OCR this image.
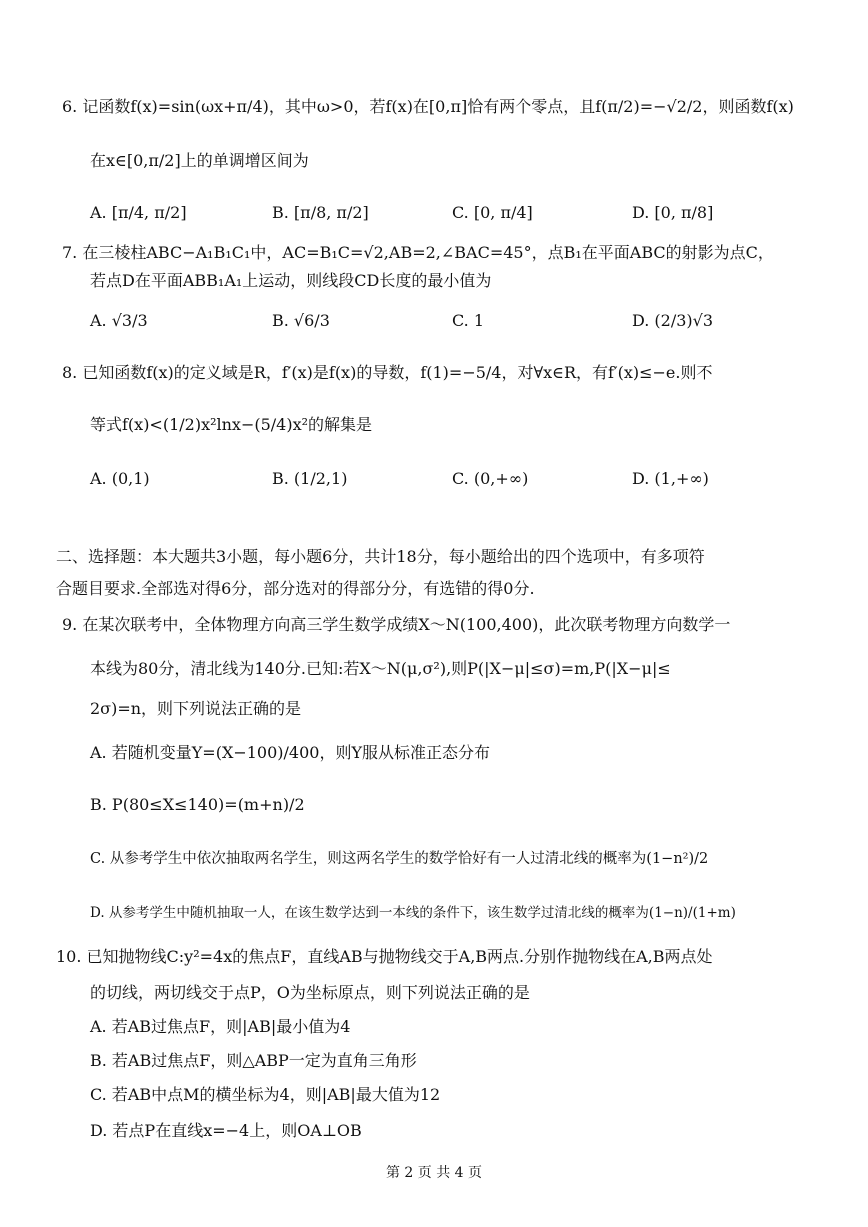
6. 记函数f(x)=sin(ωx+π/4)，其中ω>0，若f(x)在[0,π]恰有两个零点，且f(π/2)=−√2/2，则函数f(x)
在x∈[0,π/2]上的单调增区间为
A. [π/4, π/2]	B. [π/8, π/2]	C. [0, π/4]	D. [0, π/8]
7. 在三棱柱ABC−A₁B₁C₁中，AC=B₁C=√2,AB=2,∠BAC=45°，点B₁在平面ABC的射影为点C，
若点D在平面ABB₁A₁上运动，则线段CD长度的最小值为
A. √3/3	B. √6/3	C. 1	D. (2/3)√3
8. 已知函数f(x)的定义域是R，f′(x)是f(x)的导数，f(1)=−5/4，对∀x∈R，有f′(x)≤−e.则不
等式f(x)<(1/2)x²lnx−(5/4)x²的解集是
A. (0,1)	B. (1/2,1)	C. (0,+∞)	D. (1,+∞)
二、选择题：本大题共3小题，每小题6分，共计18分，每小题给出的四个选项中，有多项符
合题目要求.全部选对得6分，部分选对的得部分分，有选错的得0分.
9. 在某次联考中，全体物理方向高三学生数学成绩X～N(100,400)，此次联考物理方向数学一
本线为80分，清北线为140分.已知:若X～N(μ,σ²),则P(|X−μ|≤σ)=m,P(|X−μ|≤
2σ)=n，则下列说法正确的是
A. 若随机变量Y=(X−100)/400，则Y服从标准正态分布
B. P(80≤X≤140)=(m+n)/2
C. 从参考学生中依次抽取两名学生，则这两名学生的数学恰好有一人过清北线的概率为(1−n²)/2
D. 从参考学生中随机抽取一人，在该生数学达到一本线的条件下，该生数学过清北线的概率为(1−n)/(1+m)
10. 已知抛物线C:y²=4x的焦点F，直线AB与抛物线交于A,B两点.分别作抛物线在A,B两点处
的切线，两切线交于点P，O为坐标原点，则下列说法正确的是
A. 若AB过焦点F，则|AB|最小值为4
B. 若AB过焦点F，则△ABP一定为直角三角形
C. 若AB中点M的横坐标为4，则|AB|最大值为12
D. 若点P在直线x=−4上，则OA⊥OB
第 2 页 共 4 页
